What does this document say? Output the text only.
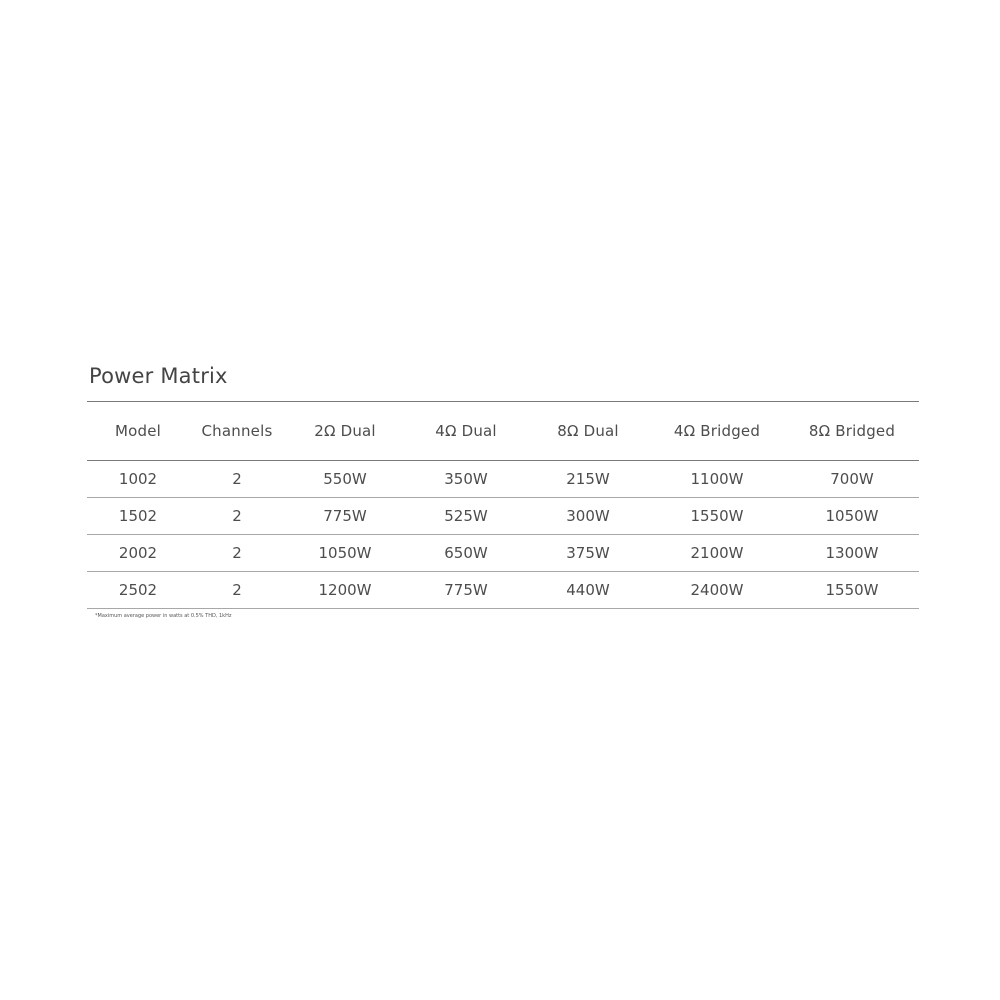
Power Matrix
Model	Channels	2Ω Dual	4Ω Dual	8Ω Dual	4Ω Bridged	8Ω Bridged
1002	2	550W	350W	215W	1100W	700W
1502	2	775W	525W	300W	1550W	1050W
2002	2	1050W	650W	375W	2100W	1300W
2502	2	1200W	775W	440W	2400W	1550W
*Maximum average power in watts at 0.5% THD, 1kHz
